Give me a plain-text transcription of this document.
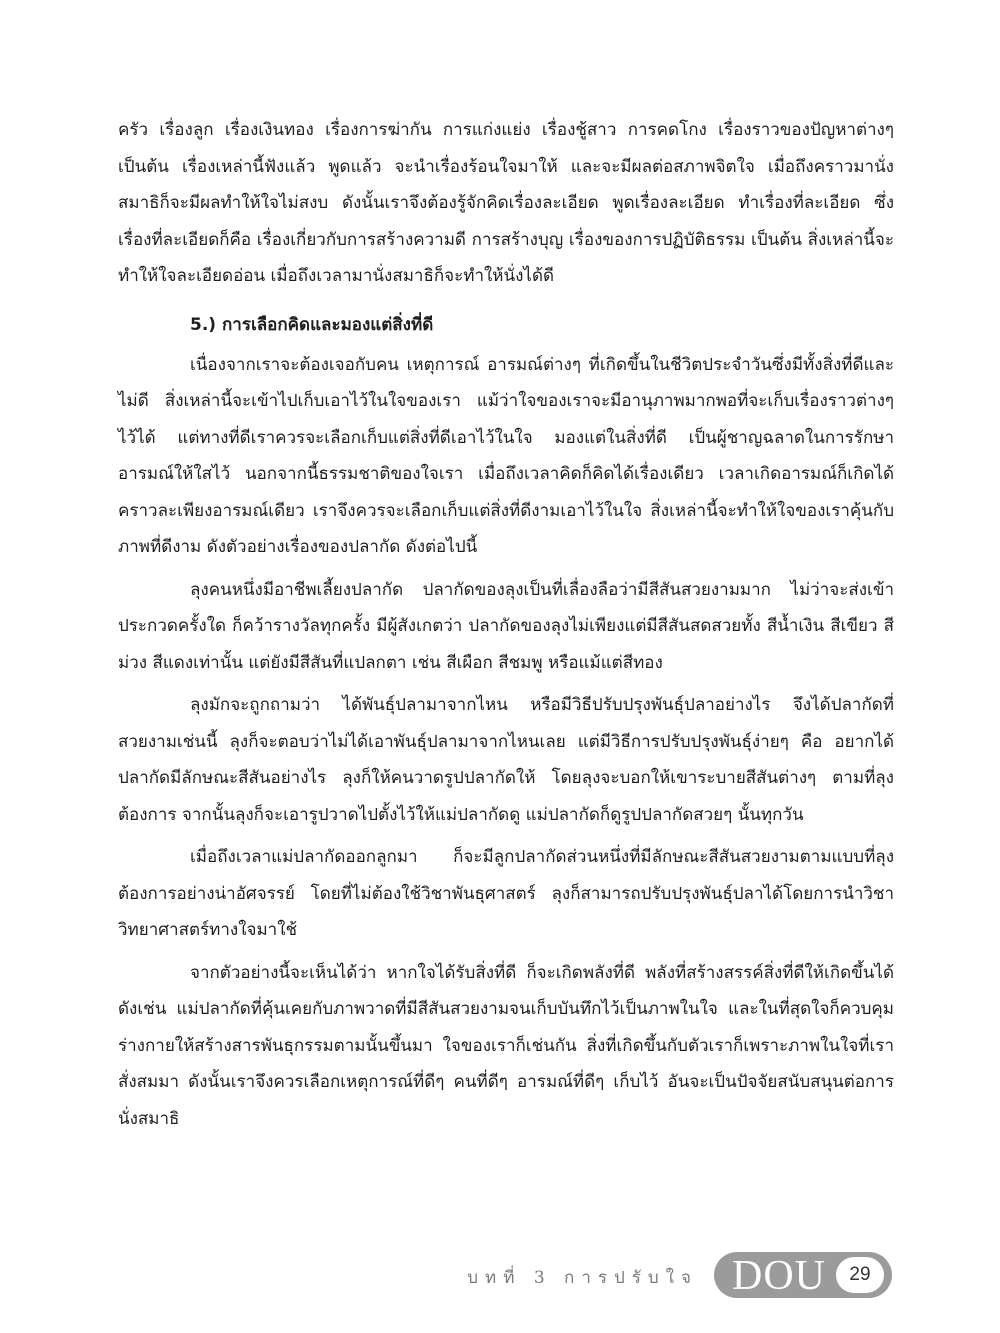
ครัว เรื่องลูก เรื่องเงินทอง เรื่องการฆ่ากัน การแก่งแย่ง เรื่องชู้สาว การคดโกง เรื่องราวของปัญหาต่างๆ เป็นต้น เรื่องเหล่านี้ฟังแล้ว พูดแล้ว จะนำเรื่องร้อนใจมาให้ และจะมีผลต่อสภาพจิตใจ เมื่อถึงคราวมานั่งสมาธิก็จะมีผลทำให้ใจไม่สงบ ดังนั้นเราจึงต้องรู้จักคิดเรื่องละเอียด พูดเรื่องละเอียด ทำเรื่องที่ละเอียด ซึ่งเรื่องที่ละเอียดก็คือ เรื่องเกี่ยวกับการสร้างความดี การสร้างบุญ เรื่องของการปฏิบัติธรรม เป็นต้น สิ่งเหล่านี้จะทำให้ใจละเอียดอ่อน เมื่อถึงเวลามานั่งสมาธิก็จะทำให้นั่งได้ดี

5.) การเลือกคิดและมองแต่สิ่งที่ดี

เนื่องจากเราจะต้องเจอกับคน เหตุการณ์ อารมณ์ต่างๆ ที่เกิดขึ้นในชีวิตประจำวันซึ่งมีทั้งสิ่งที่ดีและไม่ดี สิ่งเหล่านี้จะเข้าไปเก็บเอาไว้ในใจของเรา แม้ว่าใจของเราจะมีอานุภาพมากพอที่จะเก็บเรื่องราวต่างๆ ไว้ได้ แต่ทางที่ดีเราควรจะเลือกเก็บแต่สิ่งที่ดีเอาไว้ในใจ มองแต่ในสิ่งที่ดี เป็นผู้ชาญฉลาดในการรักษาอารมณ์ให้ใสไว้ นอกจากนี้ธรรมชาติของใจเรา เมื่อถึงเวลาคิดก็คิดได้เรื่องเดียว เวลาเกิดอารมณ์ก็เกิดได้คราวละเพียงอารมณ์เดียว เราจึงควรจะเลือกเก็บแต่สิ่งที่ดีงามเอาไว้ในใจ สิ่งเหล่านี้จะทำให้ใจของเราคุ้นกับภาพที่ดีงาม ดังตัวอย่างเรื่องของปลากัด ดังต่อไปนี้

ลุงคนหนึ่งมีอาชีพเลี้ยงปลากัด ปลากัดของลุงเป็นที่เลื่องลือว่ามีสีสันสวยงามมาก ไม่ว่าจะส่งเข้าประกวดครั้งใด ก็คว้ารางวัลทุกครั้ง มีผู้สังเกตว่า ปลากัดของลุงไม่เพียงแต่มีสีสันสดสวยทั้ง สีน้ำเงิน สีเขียว สีม่วง สีแดงเท่านั้น แต่ยังมีสีสันที่แปลกตา เช่น สีเผือก สีชมพู หรือแม้แต่สีทอง

ลุงมักจะถูกถามว่า ได้พันธุ์ปลามาจากไหน หรือมีวิธีปรับปรุงพันธุ์ปลาอย่างไร จึงได้ปลากัดที่สวยงามเช่นนี้ ลุงก็จะตอบว่าไม่ได้เอาพันธุ์ปลามาจากไหนเลย แต่มีวิธีการปรับปรุงพันธุ์ง่ายๆ คือ อยากได้ปลากัดมีลักษณะสีสันอย่างไร ลุงก็ให้คนวาดรูปปลากัดให้ โดยลุงจะบอกให้เขาระบายสีสันต่างๆ ตามที่ลุงต้องการ จากนั้นลุงก็จะเอารูปวาดไปตั้งไว้ให้แม่ปลากัดดู แม่ปลากัดก็ดูรูปปลากัดสวยๆ นั้นทุกวัน

เมื่อถึงเวลาแม่ปลากัดออกลูกมา ก็จะมีลูกปลากัดส่วนหนึ่งที่มีลักษณะสีสันสวยงามตามแบบที่ลุงต้องการอย่างน่าอัศจรรย์ โดยที่ไม่ต้องใช้วิชาพันธุศาสตร์ ลุงก็สามารถปรับปรุงพันธุ์ปลาได้โดยการนำวิชาวิทยาศาสตร์ทางใจมาใช้

จากตัวอย่างนี้จะเห็นได้ว่า หากใจได้รับสิ่งที่ดี ก็จะเกิดพลังที่ดี พลังที่สร้างสรรค์สิ่งที่ดีให้เกิดขึ้นได้ ดังเช่น แม่ปลากัดที่คุ้นเคยกับภาพวาดที่มีสีสันสวยงามจนเก็บบันทึกไว้เป็นภาพในใจ และในที่สุดใจก็ควบคุมร่างกายให้สร้างสารพันธุกรรมตามนั้นขึ้นมา ใจของเราก็เช่นกัน สิ่งที่เกิดขึ้นกับตัวเราก็เพราะภาพในใจที่เราสั่งสมมา ดังนั้นเราจึงควรเลือกเหตุการณ์ที่ดีๆ คนที่ดีๆ อารมณ์ที่ดีๆ เก็บไว้ อันจะเป็นปัจจัยสนับสนุนต่อการนั่งสมาธิ

บทที่ 3 การปรับใจ DOU	29
